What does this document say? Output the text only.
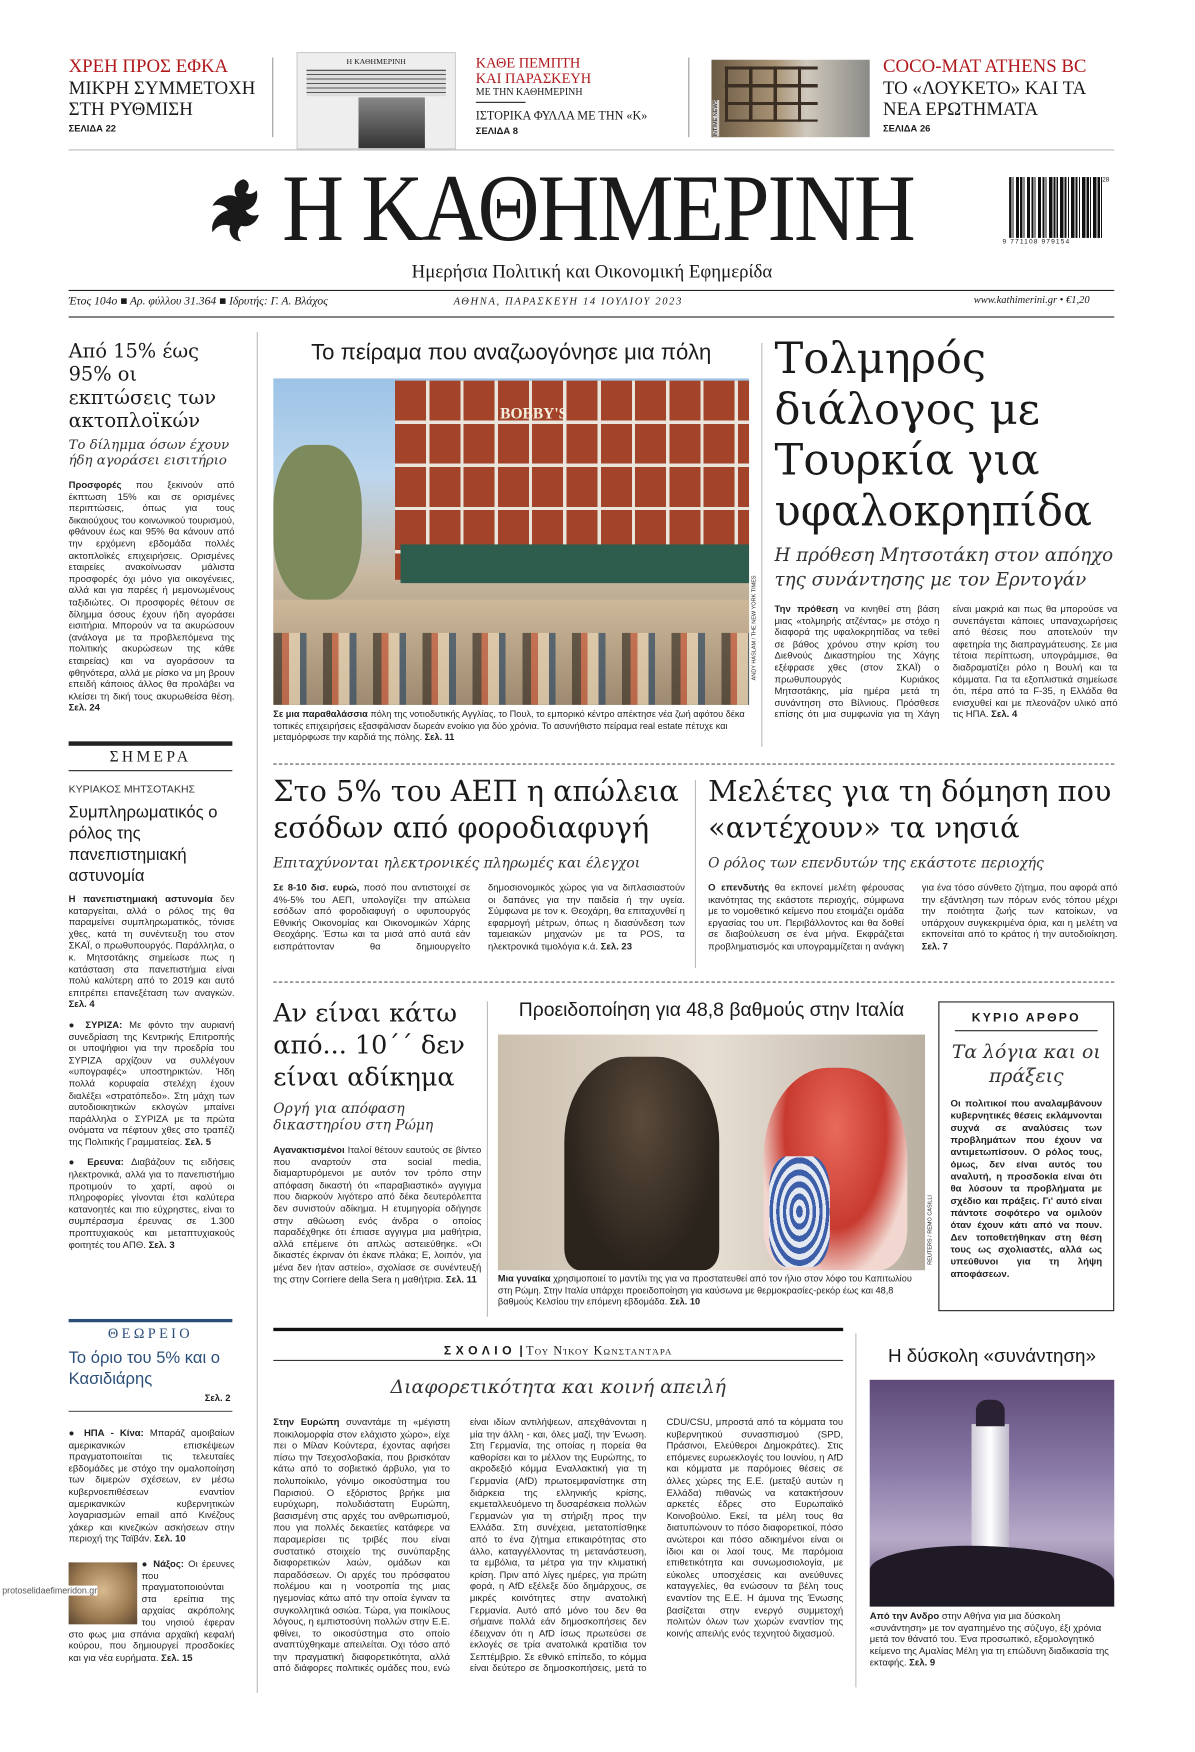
ΧΡΕΗ ΠΡΟΣ ΕΦΚΑ
ΜΙΚΡΗ ΣΥΜΜΕΤΟΧΗ ΣΤΗ ΡΥΘΜΙΣΗ
ΣΕΛΙΔΑ 22
Η ΚΑΘΗΜΕΡΙΝΗ	ΚΑΘΕ ΠΕΜΠΤΗ ΚΑΙ ΠΑΡΑΣΚΕΥΗ
ΜΕ ΤΗΝ ΚΑΘΗΜΕΡΙΝΗ
ΙΣΤΟΡΙΚΑ ΦΥΛΛΑ ΜΕ ΤΗΝ «Κ»
ΣΕΛΙΔΑ 8	INTIME NEWS
COCO-MAT ATHENS BC
ΤΟ «ΛΟΥΚΕΤΟ» ΚΑΙ ΤΑ ΝΕΑ ΕΡΩΤΗΜΑΤΑ
ΣΕΛΙΔΑ 26
Η ΚΑΘΗΜΕΡΙΝΗ	28
9 771108 979154
Ημερήσια Πολιτική και Οικονομική Εφημερίδα
Έτος 104ο ■ Αρ. φύλλου 31.364 ■ Ιδρυτής: Γ. Α. Βλάχος	ΑΘΗΝΑ, ΠΑΡΑΣΚΕΥΗ 14 ΙΟΥΛΙΟΥ 2023	www.kathimerini.gr • €1,20
Από 15% έως 95% οι εκπτώσεις των ακτοπλοϊκών
Το δίλημμα όσων έχουν ήδη αγοράσει εισιτήριο
Προσφορές που ξεκινούν από έκπτωση 15% και σε ορισμένες περιπτώσεις, όπως για τους δικαιούχους του κοινωνικού τουρισμού, φθάνουν έως και 95% θα κάνουν από την ερχόμενη εβδομάδα πολλές ακτοπλοϊκές επιχειρήσεις. Ορισμένες εταιρείες ανακοίνωσαν μάλιστα προσφορές όχι μόνο για οικογένειες, αλλά και για παρέες ή μεμονωμένους ταξιδιώτες. Οι προσφορές θέτουν σε δίλημμα όσους έχουν ήδη αγοράσει εισιτήρια. Μπορούν να τα ακυρώσουν (ανάλογα με τα προβλεπόμενα της πολιτικής ακυρώσεων της κάθε εταιρείας) και να αγοράσουν τα φθηνότερα, αλλά με ρίσκο να μη βρουν επειδή κάποιος άλλος θα προλάβει να κλείσει τη δική τους ακυρωθείσα θέση. Σελ. 24
ΣΗΜΕΡΑ
ΚΥΡΙΑΚΟΣ ΜΗΤΣΟΤΑΚΗΣ
Συμπληρωματικός ο ρόλος της πανεπιστημιακή αστυνομία
Η πανεπιστημιακή αστυνομία δεν καταργείται, αλλά ο ρόλος της θα παραμείνει συμπληρωματικός, τόνισε χθες, κατά τη συνέντευξη του στον ΣΚΑΪ, ο πρωθυπουργός. Παράλληλα, ο κ. Μητσοτάκης σημείωσε πως η κατάσταση στα πανεπιστήμια είναι πολύ καλύτερη από το 2019 και αυτό επιτρέπει επανεξέταση των αναγκών. Σελ. 4
● ΣΥΡΙΖΑ: Με φόντο την αυριανή συνεδρίαση της Κεντρικής Επιτροπής οι υποψήφιοι για την προεδρία του ΣΥΡΙΖΑ αρχίζουν να συλλέγουν «υπογραφές» υποστηρικτών. Ήδη πολλά κορυφαία στελέχη έχουν διαλέξει «στρατόπεδο». Στη μάχη των αυτοδιοικητικών εκλογών μπαίνει παράλληλα ο ΣΥΡΙΖΑ με τα πρώτα ονόματα να πέφτουν χθες στο τραπέζι της Πολιτικής Γραμματείας. Σελ. 5
● Ερευνα: Διαβάζουν τις ειδήσεις ηλεκτρονικά, αλλά για το πανεπιστήμιο προτιμούν το χαρτί, αφού οι πληροφορίες γίνονται έτσι καλύτερα κατανοητές και πιο εύχρηστες, είναι το συμπέρασμα έρευνας σε 1.300 προπτυχιακούς και μεταπτυχιακούς φοιτητές του ΑΠΘ. Σελ. 3
ΘΕΩΡΕΙΟ
Το όριο του 5% και ο Κασιδιάρης
Σελ. 2
● ΗΠΑ - Κίνα: Μπαράζ αμοιβαίων αμερικανικών επισκέψεων πραγματοποιείται τις τελευταίες εβδομάδες με στόχο την ομαλοποίηση των διμερών σχέσεων, εν μέσω κυβερνοεπιθέσεων εναντίον αμερικανικών κυβερνητικών λογαριασμών email από Κινέζους χάκερ και κινεζικών ασκήσεων στην περιοχή της Ταϊβάν. Σελ. 10
● Νάξος: Οι έρευνες που πραγματοποιούνται στα ερείπια της αρχαίας ακρόπολης του νησιού έφεραν στο φως μια σπάνια αρχαϊκή κεφαλή κούρου, που δημιουργεί προσδοκίες και για νέα ευρήματα. Σελ. 15
protoselidaefimeridon.gr
Το πείραμα που αναζωογόνησε μια πόλη
BOBBY'S
ANDY HASLAM / THE NEW YORK TIMES
Σε μια παραθαλάσσια πόλη της νοτιοδυτικής Αγγλίας, το Πουλ, το εμπορικό κέντρο απέκτησε νέα ζωή αφότου δέκα τοπικές επιχειρήσεις εξασφάλισαν δωρεάν ενοίκιο για δύο χρόνια. Το ασυνήθιστο πείραμα real estate πέτυχε και μεταμόρφωσε την καρδιά της πόλης. Σελ. 11
Τολμηρός διάλογος με Τουρκία για υφαλοκρηπίδα
Η πρόθεση Μητσοτάκη στον απόηχο της συνάντησης με τον Ερντογάν
Την πρόθεση να κινηθεί στη βάση μιας «τολμηρής ατζέντας» με στόχο η διαφορά της υφαλοκρηπίδας να τεθεί σε βάθος χρόνου στην κρίση του Διεθνούς Δικαστηρίου της Χάγης εξέφρασε χθες (στον ΣΚΑΪ) ο πρωθυπουργός Κυριάκος Μητσοτάκης, μία ημέρα μετά τη συνάντηση στο Βίλνιους. Πρόσθεσε επίσης ότι μια συμφωνία για τη Χάγη είναι μακριά και πως θα μπορούσε να συνεπάγεται κάποιες υπαναχωρήσεις από θέσεις που αποτελούν την αφετηρία της διαπραγμάτευσης. Σε μια τέτοια περίπτωση, υπογράμμισε, θα διαδραματίζει ρόλο η Βουλή και τα κόμματα. Για τα εξοπλιστικά σημείωσε ότι, πέρα από τα F-35, η Ελλάδα θα ενισχυθεί και με πλεονάζον υλικό από τις ΗΠΑ. Σελ. 4
Στο 5% του ΑΕΠ η απώλεια εσόδων από φοροδιαφυγή
Επιταχύνονται ηλεκτρονικές πληρωμές και έλεγχοι
Σε 8-10 δισ. ευρώ, ποσό που αντιστοιχεί σε 4%-5% του ΑΕΠ, υπολογίζει την απώλεια εσόδων από φοροδιαφυγή ο υφυπουργός Εθνικής Οικονομίας και Οικονομικών Χάρης Θεοχάρης. Έστω και τα μισά από αυτά εάν εισπράττονταν θα δημιουργείτο δημοσιονομικός χώρος για να διπλασιαστούν οι δαπάνες για την παιδεία ή την υγεία. Σύμφωνα με τον κ. Θεοχάρη, θα επιταχυνθεί η εφαρμογή μέτρων, όπως η διασύνδεση των ταμειακών μηχανών με τα POS, τα ηλεκτρονικά τιμολόγια κ.ά. Σελ. 23
Μελέτες για τη δόμηση που «αντέχουν» τα νησιά
Ο ρόλος των επενδυτών της εκάστοτε περιοχής
Ο επενδυτής θα εκπονεί μελέτη φέρουσας ικανότητας της εκάστοτε περιοχής, σύμφωνα με το νομοθετικό κείμενο που ετοιμάζει ομάδα εργασίας του υπ. Περιβάλλοντος και θα δοθεί σε διαβούλευση σε ένα μήνα. Εκφράζεται προβληματισμός και υπογραμμίζεται η ανάγκη για ένα τόσο σύνθετο ζήτημα, που αφορά από την εξάντληση των πόρων ενός τόπου μέχρι την ποιότητα ζωής των κατοίκων, να υπάρχουν συγκεκριμένα όρια, και η μελέτη να εκπονείται από το κράτος ή την αυτοδιοίκηση. Σελ. 7
Αν είναι κάτω από... 10΄΄ δεν είναι αδίκημα
Οργή για απόφαση δικαστηρίου στη Ρώμη
Αγανακτισμένοι Ιταλοί θέτουν εαυτούς σε βίντεο που αναρτούν στα social media, διαμαρτυρόμενοι με αυτόν τον τρόπο στην απόφαση δικαστή ότι «παραβιαστικό» αγγιγμα που διαρκούν λιγότερο από δέκα δευτερόλεπτα δεν συνιστούν αδίκημα. Η ετυμηγορία οδήγησε στην αθώωση ενός άνδρα ο οποίος παραδέχθηκε ότι έπιασε αγγιγμα μια μαθήτρια, αλλά επέμεινε ότι απλώς αστειεύθηκε. «Οι δικαστές έκριναν ότι έκανε πλάκα; Ε, λοιπόν, για μένα δεν ήταν αστείο», σχολίασε σε συνέντευξή της στην Corriere della Sera η μαθήτρια. Σελ. 11
Προειδοποίηση για 48,8 βαθμούς στην Ιταλία
REUTERS / REMO CASILLI
Μια γυναίκα χρησιμοποιεί το μαντίλι της για να προστατευθεί από τον ήλιο στον λόφο του Καπιτωλίου στη Ρώμη. Στην Ιταλία υπάρχει προειδοποίηση για καύσωνα με θερμοκρασίες-ρεκόρ έως και 48,8 βαθμούς Κελσίου την επόμενη εβδομάδα. Σελ. 10
ΚΥΡΙΟ ΑΡΘΡΟ
Τα λόγια και οι πράξεις
Οι πολιτικοί που αναλαμβάνουν κυβερνητικές θέσεις εκλάμνονται συχνά σε αναλύσεις των προβλημάτων που έχουν να αντιμετωπίσουν. Ο ρόλος τους, όμως, δεν είναι αυτός του αναλυτή, η προσδοκία είναι ότι θα λύσουν τα προβλήματα με σχέδιο και πράξεις. Γι' αυτό είναι πάντοτε σοφότερο να ομιλούν όταν έχουν κάτι από να πουν. Δεν τοποθετήθηκαν στη θέση τους ως σχολιαστές, αλλά ως υπεύθυνοι για τη λήψη αποφάσεων.
ΣΧΟΛΙΟ | Του Νίκου Κωνσταντάρα
Διαφορετικότητα και κοινή απειλή
Στην Ευρώπη συναντάμε τη «μέγιστη ποικιλομορφία στον ελάχιστο χώρο», είχε πει ο Μίλαν Κούντερα, έχοντας αφήσει πίσω την Τσεχοσλοβακία, που βρισκόταν κάτω από το σοβιετικό άρβυλο, για το πολυποίκιλο, γόνιμο οικοσύστημα του Παρισιού. Ο εξόριστος βρήκε μια ευρύχωρη, πολυδιάστατη Ευρώπη, βασισμένη στις αρχές του ανθρωπισμού, που για πολλές δεκαετίες κατάφερε να παραμερίσει τις τριβές που είναι συστατικό στοιχείο της συνύπαρξης διαφορετικών λαών, ομάδων και παραδόσεων. Οι αρχές του πρόσφατου πολέμου και η νοοτροπία της μιας ηγεμονίας κάτω από την οποία έγιναν τα συγκολλητικά οσιώα. Τώρα, για ποικίλους λόγους, η εμπιστοσύνη πολλών στην Ε.Ε. φθίνει, το οικοσύστημα στο οποίο αναπτύχθηκαμε απειλείται. Οχι τόσο από την πραγματική διαφορετικότητα, αλλά από διάφορες πολιτικές ομάδες που, ενώ είναι ιδίων αντιλήψεων, απεχθάνονται η μία την άλλη - και, όλες μαζί, την Ένωση. Στη Γερμανία, της οποίας η πορεία θα καθορίσει και το μέλλον της Ευρώπης, το ακροδεξιό κόμμα Εναλλακτική για τη Γερμανία (AfD) πρωτοεμφανίστηκε στη διάρκεια της ελληνικής κρίσης, εκμεταλλευόμενο τη δυσαρέσκεια πολλών Γερμανών για τη στήριξη προς την Ελλάδα. Στη συνέχεια, μετατοπίσθηκε από το ένα ζήτημα επικαιρότητας στο άλλο, καταγγέλλοντας τη μετανάστευση, τα εμβόλια, τα μέτρα για την κλιματική κρίση. Πριν από λίγες ημέρες, για πρώτη φορά, η AfD εξέλεξε δύο δημάρχους, σε μικρές κοινότητες στην ανατολική Γερμανία. Αυτό από μόνο του δεν θα σήμαινε πολλά εάν δημοσκοπήσεις δεν έδειχναν ότι η AfD ίσως πρωτεύσει σε εκλογές σε τρία ανατολικά κρατίδια τον Σεπτέμβριο. Σε εθνικό επίπεδο, το κόμμα είναι δεύτερο σε δημοσκοπήσεις, μετά το CDU/CSU, μπροστά από τα κόμματα του κυβερνητικού συνασπισμού (SPD, Πράσινοι, Ελεύθεροι Δημοκράτες). Στις επόμενες ευρωεκλογές του Ιουνίου, η AfD και κόμματα με παρόμοιες θέσεις σε άλλες χώρες της Ε.Ε. (μεταξύ αυτών η Ελλάδα) πιθανώς να κατακτήσουν αρκετές έδρες στο Ευρωπαϊκό Κοινοβούλιο. Εκεί, τα μέλη τους θα διατυπώνουν το πόσο διαφορετικοί, πόσο ανώτεροι και πόσο αδικημένοι είναι οι ίδιοι και οι λαοί τους. Με παρόμοια επιθετικότητα και συνωμοσιολογία, με εύκολες υποσχέσεις και ανεύθυνες καταγγελίες, θα ενώσουν τα βέλη τους εναντίον της Ε.Ε. Η άμυνα της Ένωσης βασίζεται στην ενεργό συμμετοχή πολιτών όλων των χωρών εναντίον της κοινής απειλής ενός τεχνητού διχασμού.
Η δύσκολη «συνάντηση»
Από την Ανδρο στην Αθήνα για μια δύσκολη «συνάντηση» με τον αγαπημένο της σύζυγο, έξι χρόνια μετά τον θάνατό του. Ένα προσωπικό, εξομολογητικό κείμενο της Αμαλίας Μέλη για τη επώδυνη διαδικασία της εκταφής. Σελ. 9
